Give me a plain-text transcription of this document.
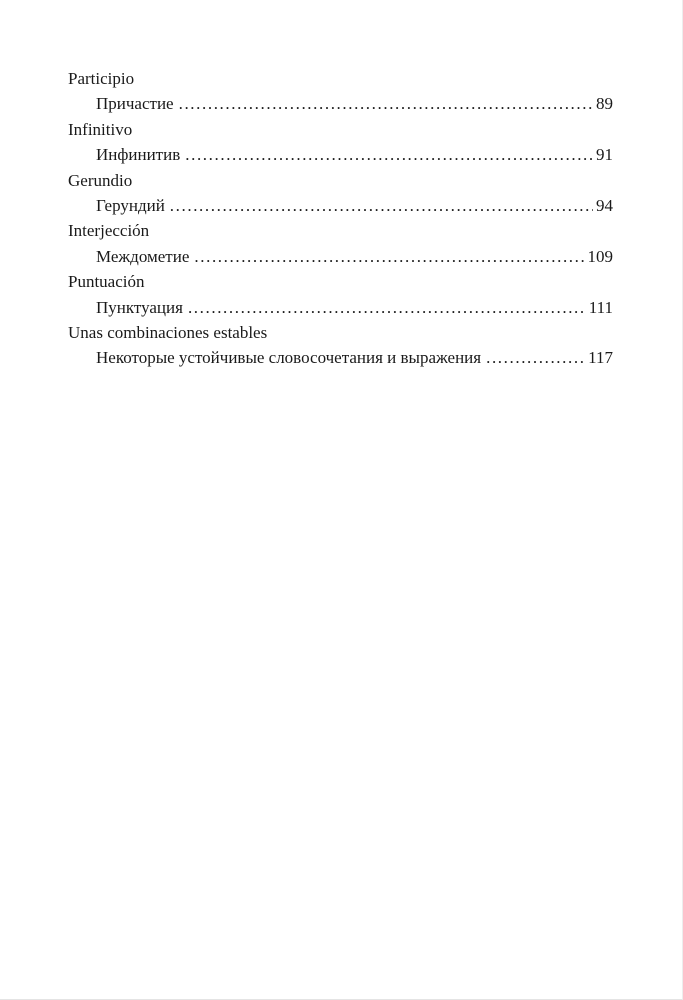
Participio
Причастие .....	89
Infinitivo
Инфинитив .....	91
Gerundio
Герундий .....	94
Interjección
Междометие .....	109
Puntuación
Пунктуация .....	111
Unas combinaciones estables
Некоторые устойчивые словосочетания и выражения .....	117
